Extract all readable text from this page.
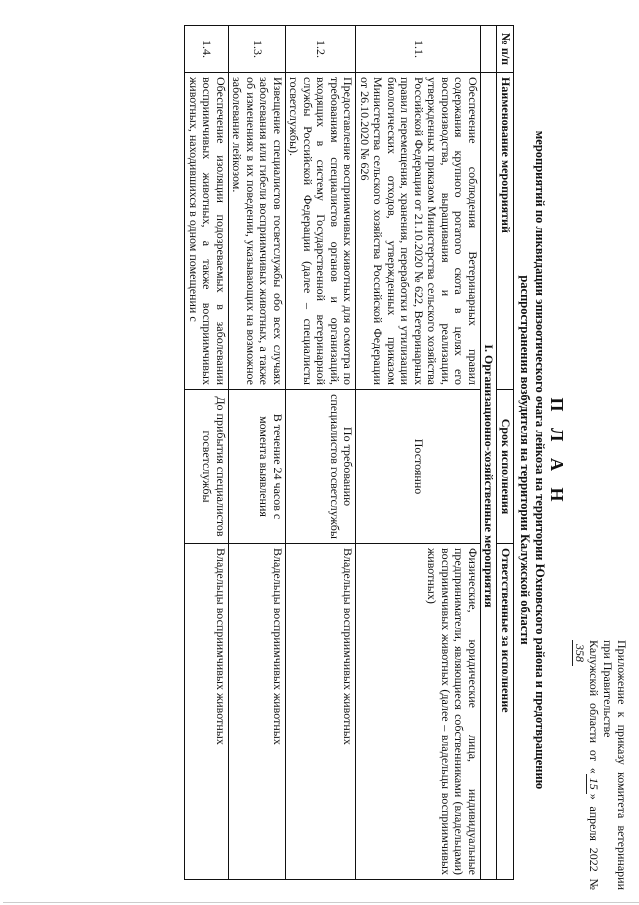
Приложение к приказу комитета ветеринарии при Правительстве
Калужской области от «15» апреля 2022 № 358
П Л А Н
мероприятий по ликвидации эпизоотического очага лейкоза на территории Юхновского района и предотвращению
распространения возбудителя на территории Калужской области
№ п/п	Наименование мероприятий	Срок исполнения	Ответственные за исполнение
	I. Организационно-хозяйственные мероприятия		
1.1.	Обеспечение соблюдения Ветеринарных правил содержания крупного рогатого скота в целях его воспроизводства, выращивания и реализации, утвержденных приказом Министерства сельского хозяйства Российской Федерации от 21.10.2020 № 622, Ветеринарных правил перемещения, хранения, переработки и утилизации биологических отходов, утвержденных приказом Министерства сельского хозяйства Российской Федерации от 26.10.2020 № 626	Постоянно	Физические, юридические лица, индивидуальные предприниматели, являющиеся собственниками (владельцами) восприимчивых животных (далее – владельцы восприимчивых животных)
1.2.	Предоставление восприимчивых животных для осмотра по требованиям специалистов органов и организаций, входящих в систему Государственной ветеринарной службы Российской Федерации (далее – специалисты госветслужбы).	По требованию специалистов госветслужбы	Владельцы восприимчивых животных
1.3.	Извещение специалистов госветслужбы обо всех случаях заболевания или гибели восприимчивых животных, а также об изменениях в их поведении, указывающих на возможное заболевание лейкозом.	В течение 24 часов с момента выявления	Владельцы восприимчивых животных
1.4.	Обеспечение изоляции подозреваемых в заболевании восприимчивых животных, а также восприимчивых животных, находившихся в одном помещении с	До прибытия специалистов госветслужбы	Владельцы восприимчивых животных
